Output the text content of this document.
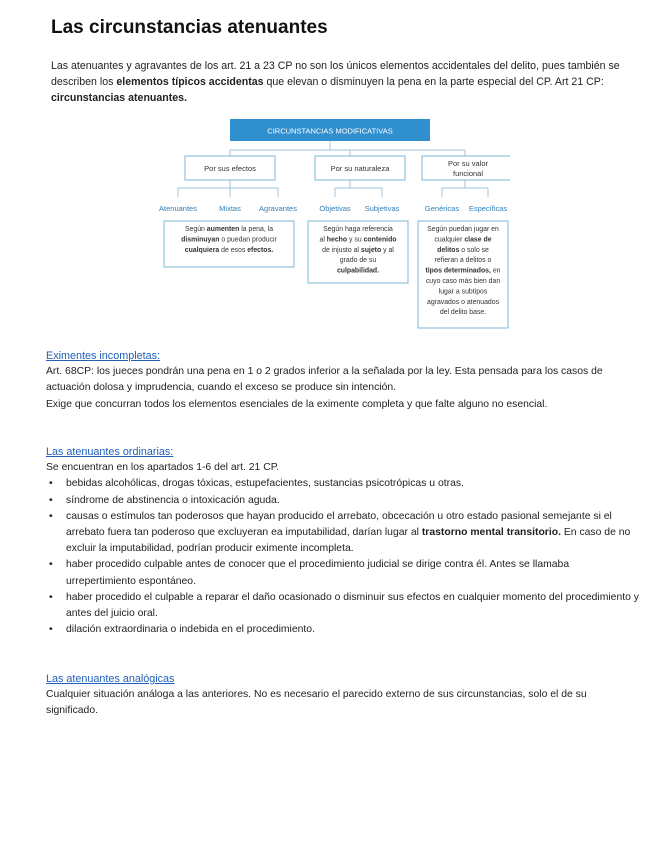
Las circunstancias atenuantes

Las atenuantes y agravantes de los art. 21 a 23 CP no son los únicos elementos accidentales del delito, pues también se describen los elementos típicos accidentas que elevan o disminuyen la pena en la parte especial del CP. Art 21 CP: circunstancias atenuantes.

CIRCUNSTANCIAS MODIFICATIVAS
Por sus efectos	Por su naturaleza
Por su valor
funcional
Atenuantes	Mixtas Agravantes	Objetivas Subjetivas	Genéricas Específicas
Según aumenten la pena, la
disminuyan o puedan producir
cualquiera de esos efectos.
Según haga referencia
al hecho y su contenido
de injusto al sujeto y al
grado de su
culpabilidad.
Según puedan jugar en
cualquier clase de
delitos o solo se
refieran a delitos o
tipos determinados, en
cuyo caso más bien dan
lugar a subtipos
agravados o atenuados
del delito base.
Eximentes incompletas:

Art. 68CP: los jueces pondrán una pena en 1 o 2 grados inferior a la señalada por la ley. Esta pensada para los casos de actuación dolosa y imprudencia, cuando el exceso se produce sin intención.

Exige que concurran todos los elementos esenciales de la eximente completa y que falte alguno no esencial.

Las atenuantes ordinarias:

Se encuentran en los apartados 1-6 del art. 21 CP.

• bebidas alcohólicas, drogas tóxicas, estupefacientes, sustancias psicotrópicas u otras.
• síndrome de abstinencia o intoxicación aguda.
• causas o estímulos tan poderosos que hayan producido el arrebato, obcecación u otro estado pasional semejante si el arrebato fuera tan poderoso que excluyeran ea imputabilidad, darían lugar al trastorno mental transitorio. En caso de no excluir la imputabilidad, podrían producir eximente incompleta.
• haber procedido culpable antes de conocer que el procedimiento judicial se dirige contra él. Antes se llamaba urrepertimiento espontáneo.
• haber procedido el culpable a reparar el daño ocasionado o disminuir sus efectos en cualquier momento del procedimiento y antes del juicio oral.
• dilación extraordinaria o indebida en el procedimiento.
Las atenuantes analógicas

Cualquier situación análoga a las anteriores. No es necesario el parecido externo de sus circunstancias, solo el de su significado.
